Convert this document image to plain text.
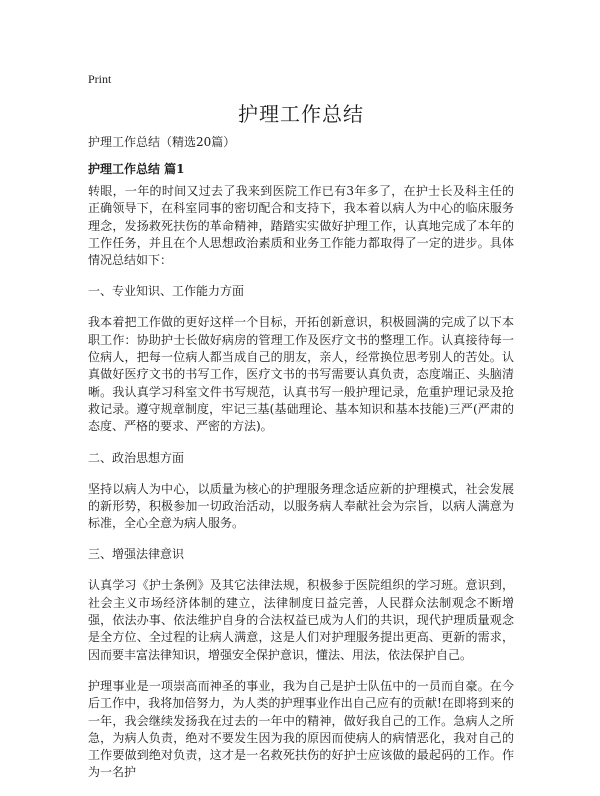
Print
护理工作总结

护理工作总结（精选20篇）

护理工作总结 篇1

转眼，一年的时间又过去了我来到医院工作已有3年多了，在护士长及科主任的正确领导下，在科室同事的密切配合和支持下，我本着以病人为中心的临床服务理念，发扬救死扶伤的革命精神，踏踏实实做好护理工作，认真地完成了本年的工作任务，并且在个人思想政治素质和业务工作能力都取得了一定的进步。具体情况总结如下：

一、专业知识、工作能力方面

我本着把工作做的更好这样一个目标，开拓创新意识，积极圆满的完成了以下本职工作：协助护士长做好病房的管理工作及医疗文书的整理工作。认真接待每一位病人，把每一位病人都当成自己的朋友，亲人，经常换位思考别人的苦处。认真做好医疗文书的书写工作，医疗文书的书写需要认真负责，态度端正、头脑清晰。我认真学习科室文件书写规范，认真书写一般护理记录，危重护理记录及抢救记录。遵守规章制度，牢记三基(基础理论、基本知识和基本技能)三严(严肃的态度、严格的要求、严密的方法)。

二、政治思想方面

坚持以病人为中心，以质量为核心的护理服务理念适应新的护理模式，社会发展的新形势，积极参加一切政治活动，以服务病人奉献社会为宗旨，以病人满意为标准，全心全意为病人服务。

三、增强法律意识

认真学习《护士条例》及其它法律法规，积极参于医院组织的学习班。意识到，社会主义市场经济体制的建立，法律制度日益完善，人民群众法制观念不断增强，依法办事、依法维护自身的合法权益已成为人们的共识，现代护理质量观念是全方位、全过程的让病人满意，这是人们对护理服务提出更高、更新的需求，因而要丰富法律知识，增强安全保护意识，懂法、用法，依法保护自己。

护理事业是一项崇高而神圣的事业，我为自己是护士队伍中的一员而自豪。在今后工作中，我将加倍努力，为人类的护理事业作出自己应有的贡献!在即将到来的一年，我会继续发扬我在过去的一年中的精神，做好我自己的工作。急病人之所急，为病人负责，绝对不要发生因为我的原因而使病人的病情恶化，我对自己的工作要做到绝对负责，这才是一名救死扶伤的好护士应该做的最起码的工作。作为一名护
